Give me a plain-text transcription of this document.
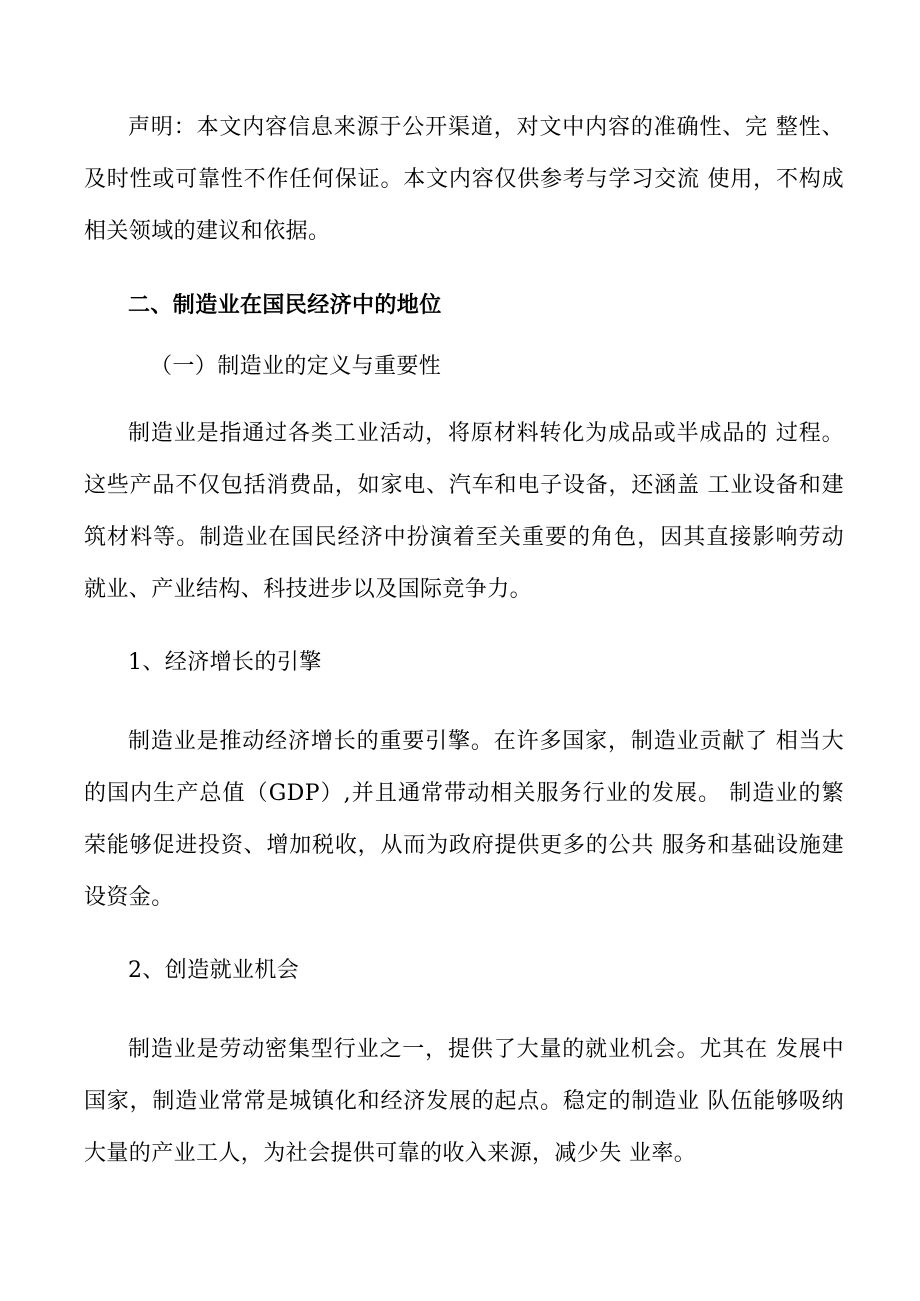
声明：本文内容信息来源于公开渠道，对文中内容的准确性、完 整性、及时性或可靠性不作任何保证。本文内容仅供参考与学习交流 使用，不构成相关领域的建议和依据。

二、制造业在国民经济中的地位
（一）制造业的定义与重要性

制造业是指通过各类工业活动，将原材料转化为成品或半成品的 过程。这些产品不仅包括消费品，如家电、汽车和电子设备，还涵盖 工业设备和建筑材料等。制造业在国民经济中扮演着至关重要的角色，因其直接影响劳动就业、产业结构、科技进步以及国际竞争力。

1、经济增长的引擎

制造业是推动经济增长的重要引擎。在许多国家，制造业贡献了 相当大的国内生产总值（GDP）,并且通常带动相关服务行业的发展。 制造业的繁荣能够促进投资、增加税收，从而为政府提供更多的公共 服务和基础设施建设资金。

2、创造就业机会

制造业是劳动密集型行业之一，提供了大量的就业机会。尤其在 发展中国家，制造业常常是城镇化和经济发展的起点。稳定的制造业 队伍能够吸纳大量的产业工人，为社会提供可靠的收入来源，减少失 业率。
